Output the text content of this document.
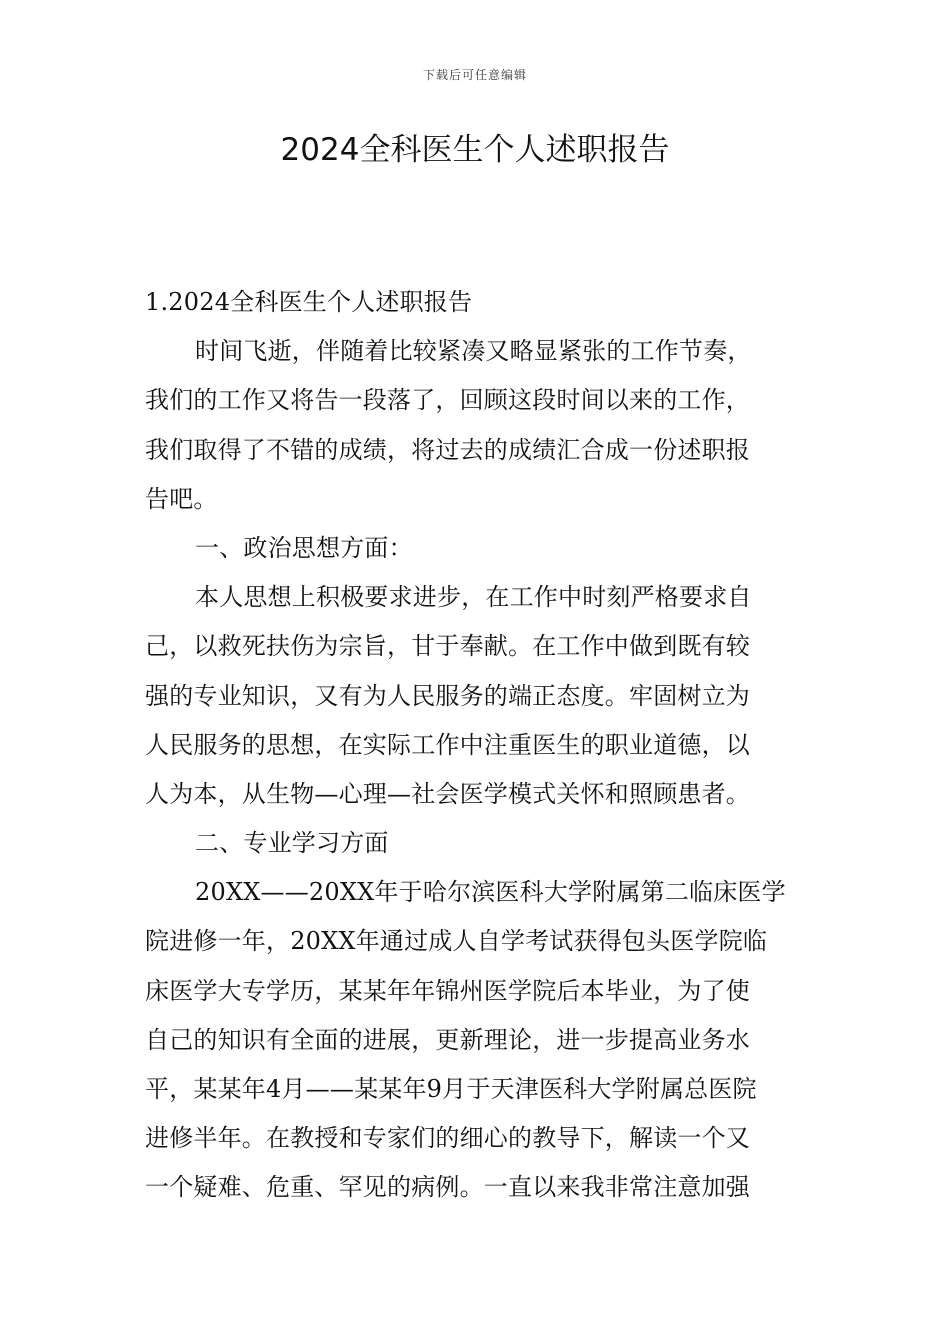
下载后可任意编辑
2024全科医生个人述职报告
1.2024全科医生个人述职报告
时间飞逝，伴随着比较紧凑又略显紧张的工作节奏，
我们的工作又将告一段落了，回顾这段时间以来的工作，
我们取得了不错的成绩，将过去的成绩汇合成一份述职报
告吧。
一、政治思想方面：
本人思想上积极要求进步，在工作中时刻严格要求自
己，以救死扶伤为宗旨，甘于奉献。在工作中做到既有较
强的专业知识，又有为人民服务的端正态度。牢固树立为
人民服务的思想，在实际工作中注重医生的职业道德，以
人为本，从生物—心理—社会医学模式关怀和照顾患者。
二、专业学习方面
20XX——20XX年于哈尔滨医科大学附属第二临床医学
院进修一年，20XX年通过成人自学考试获得包头医学院临
床医学大专学历，某某年年锦州医学院后本毕业，为了使
自己的知识有全面的进展，更新理论，进一步提高业务水
平，某某年4月——某某年9月于天津医科大学附属总医院
进修半年。在教授和专家们的细心的教导下，解读一个又
一个疑难、危重、罕见的病例。一直以来我非常注意加强
